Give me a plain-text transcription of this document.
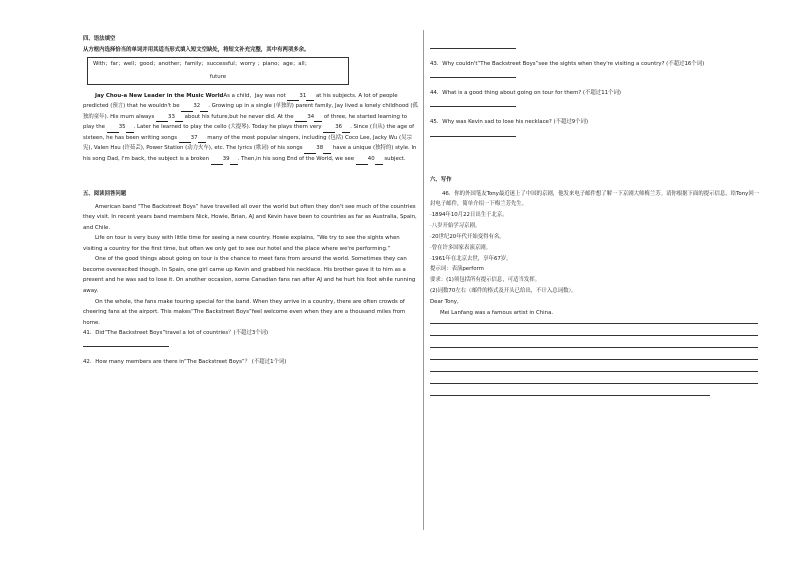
四、语法填空
从方框内选择恰当的单词并用其适当形式填入短文空缺处，将短文补充完整，其中有两项多余。
With；far；well；good；another；family；successful；worry ；piano；age；all；
future

Jay Chou-a New Leader in the Music WorldAs a child，Jay was not 31 at his subjects. A lot of people predicted (预言) that he wouldn't be 32 . Growing up in a single (单独的) parent family, Jay lived a lonely childhood (孤独的童年). His mum always 33 about his future,but he never did. At the 34 of three, he started learning to play the 35 . Later he learned to play the cello (大提琴). Today he plays them very 36 . Since (自从) the age of sixteen, he has been writing songs 37 many of the most popular singers, including (包括) Coco Lee, Jacky Wu (吴宗宪), Valen Hsu (许茹芸), Power Station (动力火车), etc. The lyrics (歌词) of his songs 38 have a unique (独特的) style. In his song Dad, I'm back, the subject is a broken 39 . Then,in his song End of the World, we see 40 subject.

五、阅读回答问题

American band “The Backstreet Boys” have travelled all over the world but often they don't see much of the countries they visit. In recent years band members Nick, Howie, Brian, AJ and Kevin have been to countries as far as Australia, Spain, and Chile.

Life on tour is very busy with little time for seeing a new country. Howie explains, “We try to see the sights when visiting a country for the first time, but often we only get to see our hotel and the place where we're performing.”

One of the good things about going on tour is the chance to meet fans from around the world. Sometimes they can become overexcited though. In Spain, one girl came up Kevin and grabbed his necklace. His brother gave it to him as a present and he was sad to lose it. On another occasion, some Canadian fans ran after AJ and he hurt his foot while running away.

On the whole, the fans make touring special for the band. When they arrive in a country, there are often crowds of cheering fans at the airport. This makes“The Backstreet Boys”feel welcome even when they are a thousand miles from home.

41．Did“The Backstreet Boys”travel a lot of countries？(不超过3个词)

42．How many members are there in“The Backstreet Boys”？ (不超过1个词)

43．Why couldn't“The Backstreet Boys”see the sights when they're visiting a country? (不超过16个词)

44．What is a good thing about going on tour for them? (不超过11个词)

45．Why was Kevin sad to lose his necklace? (不超过9个词)

六、写作

46．你的外国笔友Tony最近迷上了中国的京剧，他发来电子邮件想了解一下京剧大师梅兰芳。请你根据下面的提示信息，给Tony回一封电子邮件，简单介绍一下梅兰芳先生。

·1894年10月22日出生于北京。

·八岁开始学习京剧。

·20世纪20年代开始变得有名。

·曾在许多国家表演京剧。

·1961年在北京去世，享年67岁。

提示词：表演perform

要求：(1)须包括所有提示信息，可适当发挥。

(2)词数70左右（邮件的格式及开头已给出，不计入总词数）。

Dear Tony,

Mei Lanfang was a famous artist in China.
